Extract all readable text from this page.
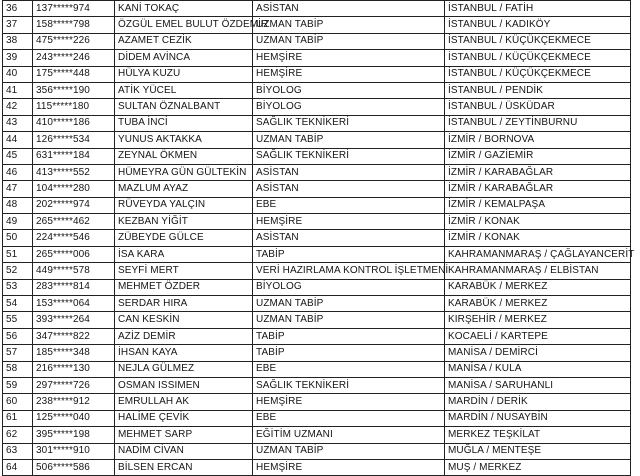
36	137*****974	KANİ TOKAÇ	ASİSTAN	İSTANBUL / FATİH
37	158*****798	ÖZGÜL EMEL BULUT ÖZDEMİR	UZMAN TABİP	İSTANBUL / KADIKÖY
38	475*****226	AZAMET CEZİK	UZMAN TABİP	İSTANBUL / KÜÇÜKÇEKMECE
39	243*****246	DİDEM AVİNCA	HEMŞİRE	İSTANBUL / KÜÇÜKÇEKMECE
40	175*****448	HÜLYA KUZU	HEMŞİRE	İSTANBUL / KÜÇÜKÇEKMECE
41	356*****190	ATİK YÜCEL	BİYOLOG	İSTANBUL / PENDİK
42	115*****180	SULTAN ÖZNALBANT	BİYOLOG	İSTANBUL / ÜSKÜDAR
43	410*****186	TUBA İNCİ	SAĞLIK TEKNİKERİ	İSTANBUL / ZEYTİNBURNU
44	126*****534	YUNUS AKTAKKA	UZMAN TABİP	İZMİR / BORNOVA
45	631*****184	ZEYNAL ÖKMEN	SAĞLIK TEKNİKERİ	İZMİR / GAZİEMİR
46	413*****552	HÜMEYRA GÜN GÜLTEKİN	ASİSTAN	İZMİR / KARABAĞLAR
47	104*****280	MAZLUM AYAZ	ASİSTAN	İZMİR / KARABAĞLAR
48	202*****974	RÜVEYDA YALÇIN	EBE	İZMİR / KEMALPAŞA
49	265*****462	KEZBAN YİĞİT	HEMŞİRE	İZMİR / KONAK
50	224*****546	ZÜBEYDE GÜLCE	ASİSTAN	İZMİR / KONAK
51	265*****006	İSA KARA	TABİP	KAHRAMANMARAŞ / ÇAĞLAYANCERİT
52	449*****578	SEYFİ MERT	VERİ HAZIRLAMA KONTROL İŞLETMENİ	KAHRAMANMARAŞ / ELBİSTAN
53	283*****814	MEHMET ÖZDER	BİYOLOG	KARABÜK / MERKEZ
54	153*****064	SERDAR HIRA	UZMAN TABİP	KARABÜK / MERKEZ
55	393*****264	CAN KESKİN	UZMAN TABİP	KIRŞEHİR / MERKEZ
56	347*****822	AZİZ DEMİR	TABİP	KOCAELİ / KARTEPE
57	185*****348	İHSAN KAYA	TABİP	MANİSA / DEMİRCİ
58	216*****130	NEJLA GÜLMEZ	EBE	MANİSA / KULA
59	297*****726	OSMAN ISSIMEN	SAĞLIK TEKNİKERİ	MANİSA / SARUHANLI
60	238*****912	EMRULLAH AK	HEMŞİRE	MARDİN / DERİK
61	125*****040	HALİME ÇEVİK	EBE	MARDİN / NUSAYBİN
62	395*****198	MEHMET SARP	EĞİTİM UZMANI	MERKEZ TEŞKİLAT
63	301*****910	NADİM CİVAN	UZMAN TABİP	MUĞLA / MENTEŞE
64	506*****586	BİLSEN ERCAN	HEMŞİRE	MUŞ / MERKEZ
